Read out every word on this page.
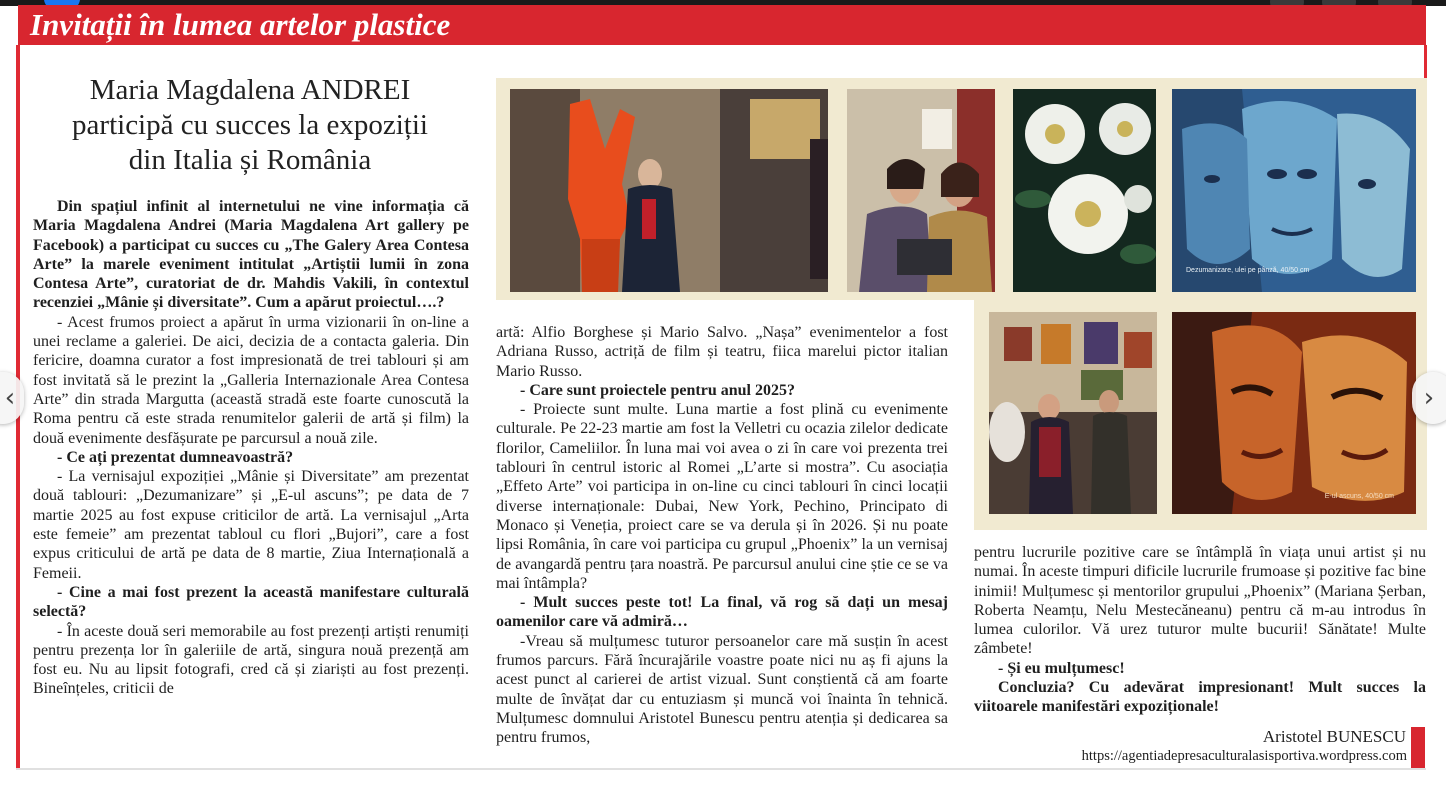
Invitații în lumea artelor plastice
Maria Magdalena ANDREI
participă cu succes la expoziții
din Italia și România

Din spațiul infinit al internetului ne vine informația că Maria Magdalena Andrei (Maria Magdalena Art gallery pe Facebook) a participat cu succes cu „The Galery Area Contesa Arte” la marele eveniment intitulat „Artiștii lumii în zona Contesa Arte”, curatoriat de dr. Mahdis Vakili, în contextul recenziei „Mânie și diversitate”. Cum a apărut proiectul….?

- Acest frumos proiect a apărut în urma vizionarii în on-line a unei reclame a galeriei. De aici, decizia de a contacta galeria. Din fericire, doamna curator a fost impresionată de trei tablouri și am fost invitată să le prezint la „Galleria Internazionale Area Contesa Arte” din strada Margutta (această stradă este foarte cunoscută la Roma pentru că este strada renumitelor galerii de artă și film) la două evenimente desfășurate pe parcursul a nouă zile.

- Ce ați prezentat dumneavoastră?

- La vernisajul expoziției „Mânie și Diversitate” am prezentat două tablouri: „Dezumanizare” și „E-ul ascuns”; pe data de 7 martie 2025 au fost expuse criticilor de artă. La vernisajul „Arta este femeie” am prezentat tabloul cu flori „Bujori”, care a fost expus criticului de artă pe data de 8 martie, Ziua Internațională a Femeii.

- Cine a mai fost prezent la această manifestare culturală selectă?

- În aceste două seri memorabile au fost prezenți artiști renumiți pentru prezența lor în galeriile de artă, singura nouă prezență am fost eu. Nu au lipsit fotografi, cred că și ziariști au fost prezenți. Bineînțeles, criticii de

Dezumanizare, ulei pe pânză, 40/50 cm
E-ul ascuns, 40/50 cm

artă: Alfio Borghese și Mario Salvo. „Nașa” evenimentelor a fost Adriana Russo, actriță de film și teatru, fiica marelui pictor italian Mario Russo.

- Care sunt proiectele pentru anul 2025?

- Proiecte sunt multe. Luna martie a fost plină cu evenimente culturale. Pe 22-23 martie am fost la Velletri cu ocazia zilelor dedicate florilor, Cameliilor. În luna mai voi avea o zi în care voi prezenta trei tablouri în centrul istoric al Romei „L’arte si mostra”. Cu asociația „Effeto Arte” voi participa in on-line cu cinci tablouri în cinci locații diverse internaționale: Dubai, New York, Pechino, Principato di Monaco și Veneția, proiect care se va derula și în 2026. Și nu poate lipsi România, în care voi participa cu grupul „Phoenix” la un vernisaj de avangardă pentru țara noastră. Pe parcursul anului cine știe ce se va mai întâmpla?

- Mult succes peste tot! La final, vă rog să dați un mesaj oamenilor care vă admiră…

-Vreau să mulțumesc tuturor persoanelor care mă susțin în acest frumos parcurs. Fără încurajările voastre poate nici nu aș fi ajuns la acest punct al carierei de artist vizual. Sunt conștientă că am foarte multe de învățat dar cu entuziasm și muncă voi înainta în tehnică. Mulțumesc domnului Aristotel Bunescu pentru atenția și dedicarea sa pentru frumos,

pentru lucrurile pozitive care se întâmplă în viața unui artist și nu numai. În aceste timpuri dificile lucrurile frumoase și pozitive fac bine inimii! Mulțumesc și mentorilor grupului „Phoenix” (Mariana Șerban, Roberta Neamțu, Nelu Mestecăneanu) pentru că m-au introdus în lumea culorilor. Vă urez tuturor multe bucurii! Sănătate! Multe zâmbete!

- Și eu mulțumesc!

Concluzia? Cu adevărat impresionant! Mult succes la viitoarele manifestări expoziționale!

Aristotel BUNESCU
https://agentiadepresaculturalasisportiva.wordpress.com
‹	›
